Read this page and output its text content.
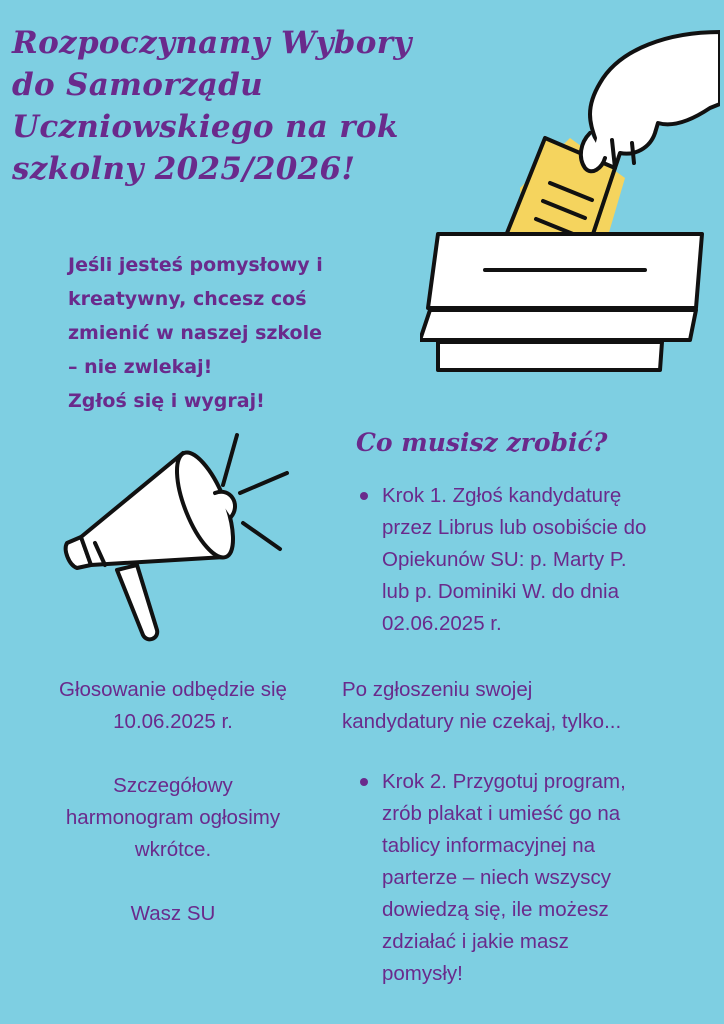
Rozpoczynamy Wybory
do Samorządu
Uczniowskiego na rok
szkolny 2025/2026!
Jeśli jesteś pomysłowy i
kreatywny, chcesz coś
zmienić w naszej szkole
– nie zwlekaj!
Zgłoś się i wygraj!
Co musisz zrobić?
Krok 1. Zgłoś kandydaturę
przez Librus lub osobiście do
Opiekunów SU: p. Marty P.
lub p. Dominiki W. do dnia
02.06.2025 r.
Głosowanie odbędzie się
10.06.2025 r.
Szczegółowy
harmonogram ogłosimy
wkrótce.
Wasz SU
Po zgłoszeniu swojej
kandydatury nie czekaj, tylko...
Krok 2. Przygotuj program,
zrób plakat i umieść go na
tablicy informacyjnej na
parterze – niech wszyscy
dowiedzą się, ile możesz
zdziałać i jakie masz
pomysły!
